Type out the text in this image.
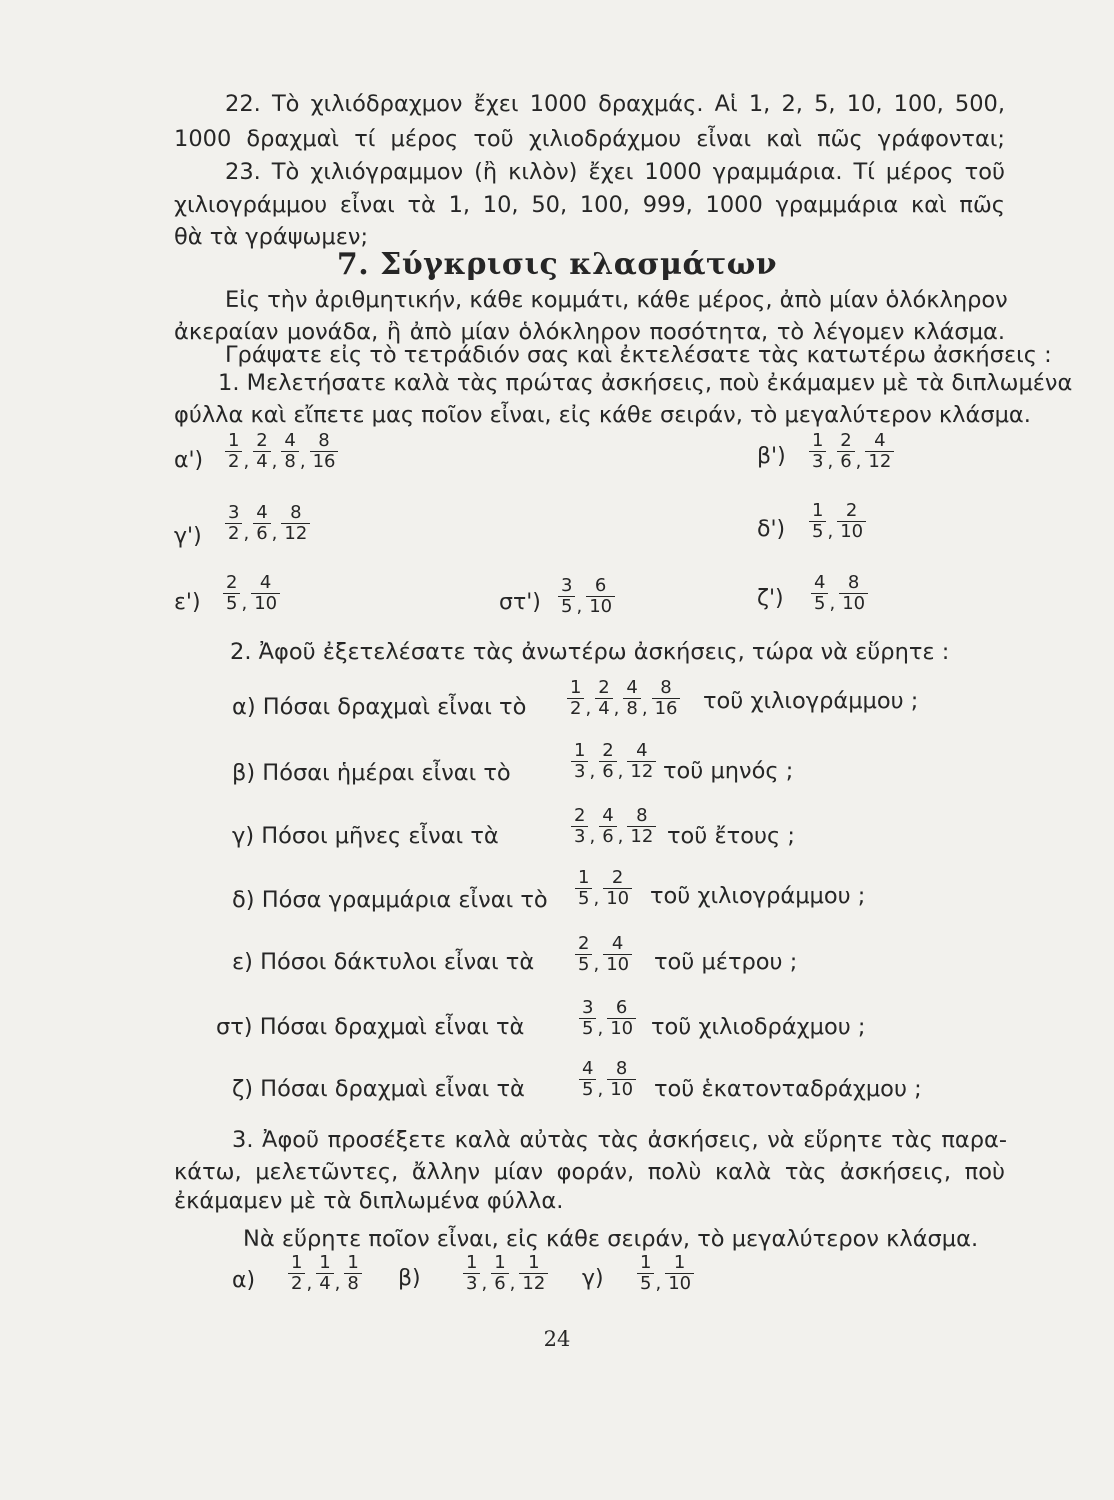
22. Τὸ χιλιόδραχμον ἔχει 1000 δραχμάς. Αἱ 1, 2, 5, 10, 100, 500,
1000 δραχμαὶ τί μέρος τοῦ χιλιοδράχμου εἶναι καὶ πῶς γράφονται;
23. Τὸ χιλιόγραμμον (ἢ κιλὸν) ἔχει 1000 γραμμάρια. Τί μέρος τοῦ
χιλιογράμμου εἶναι τὰ 1, 10, 50, 100, 999, 1000 γραμμάρια καὶ πῶς
θὰ τὰ γράψωμεν;
7. Σύγκρισις κλασμάτων
Εἰς τὴν ἀριθμητικήν, κάθε κομμάτι, κάθε μέρος, ἀπὸ μίαν ὁλόκληρον
ἀκεραίαν μονάδα, ἢ ἀπὸ μίαν ὁλόκληρον ποσότητα, τὸ λέγομεν κλάσμα.
Γράψατε εἰς τὸ τετράδιόν σας καὶ ἐκτελέσατε τὰς κατωτέρω ἀσκήσεις :
1. Μελετήσατε καλὰ τὰς πρώτας ἀσκήσεις, ποὺ ἐκάμαμεν μὲ τὰ διπλωμένα
φύλλα καὶ εἴπετε μας ποῖον εἶναι, εἰς κάθε σειράν, τὸ μεγαλύτερον κλάσμα.
$\alpha') \frac{1}{2}$ , $\frac{2}{4}$ , $\frac{4}{8}$ , $\frac{8}{16}$	$\beta') \frac{1}{3}$ , $\frac{2}{6}$ , $\frac{4}{12}$
$\gamma') \frac{3}{2}$ , $\frac{4}{6}$ , $\frac{8}{12}$	$\delta') \frac{1}{5}$ , $\frac{2}{10}$
$\varepsilon') \frac{2}{5}$ , $\frac{4}{10}$	$\sigma\tau') \frac{3}{5}$ , $\frac{6}{10}$	$\zeta') \frac{4}{5}$ , $\frac{8}{10}$
2. Ἀφοῦ ἐξετελέσατε τὰς ἀνωτέρω ἀσκήσεις, τώρα νὰ εὕρητε :
α) Πόσαι δραχμαὶ εἶναι τὸ $\frac{1}{2}$ , $\frac{2}{4}$ , $\frac{4}{8}$ , $\frac{8}{16}$ τοῦ χιλιογράμμου ;
β) Πόσαι ἡμέραι εἶναι τὸ	$\frac{1}{3}$ , $\frac{2}{6}$ , $\frac{4}{12}$ τοῦ μηνός ;
γ) Πόσοι μῆνες εἶναι τὰ	$\frac{2}{3}$ , $\frac{4}{6}$ , $\frac{8}{12}$ τοῦ ἔτους ;
δ) Πόσα γραμμάρια εἶναι τὸ $\frac{1}{5}$ , $\frac{2}{10}$ τοῦ χιλιογράμμου ;
ε) Πόσοι δάκτυλοι εἶναι τὰ $\frac{2}{5}$ , $\frac{4}{10}$ τοῦ μέτρου ;
στ) Πόσαι δραχμαὶ εἶναι τὰ	$\frac{3}{5}$ , $\frac{6}{10}$ τοῦ χιλιοδράχμου ;
ζ) Πόσαι δραχμαὶ εἶναι τὰ	$\frac{4}{5}$ , $\frac{8}{10}$ τοῦ ἑκατονταδράχμου ;
3. Ἀφοῦ προσέξετε καλὰ αὐτὰς τὰς ἀσκήσεις, νὰ εὕρητε τὰς παρα-
κάτω, μελετῶντες, ἄλλην μίαν φοράν, πολὺ καλὰ τὰς ἀσκήσεις, ποὺ
ἐκάμαμεν μὲ τὰ διπλωμένα φύλλα.
Νὰ εὕρητε ποῖον εἶναι, εἰς κάθε σειράν, τὸ μεγαλύτερον κλάσμα.
$\alpha) \frac{1}{2}$ , $\frac{1}{4}$ , $\frac{1}{8} \beta) \frac{1}{3}$ , $\frac{1}{6}$ , $\frac{1}{12} \gamma) \frac{1}{5}$ , $\frac{1}{10}$
24
